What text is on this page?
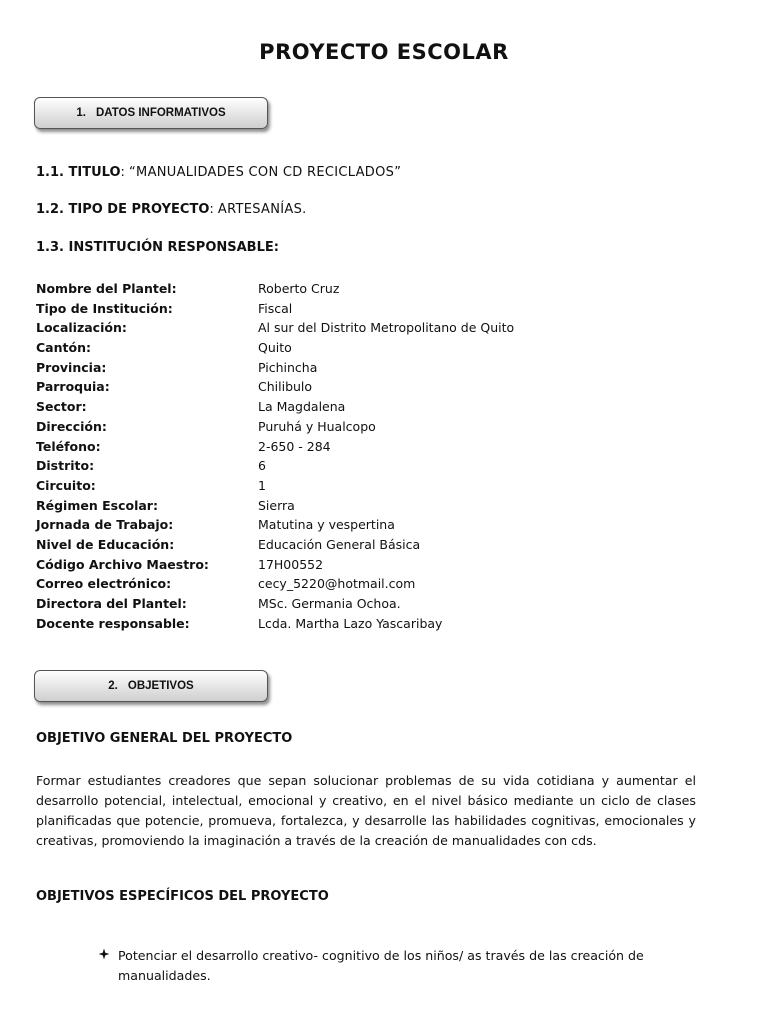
PROYECTO ESCOLAR
1. DATOS INFORMATIVOS
1.1. TITULO: “MANUALIDADES CON CD RECICLADOS”
1.2. TIPO DE PROYECTO: ARTESANÍAS.
1.3. INSTITUCIÓN RESPONSABLE:
Nombre del Plantel:	Roberto Cruz
Tipo de Institución:	Fiscal
Localización:	Al sur del Distrito Metropolitano de Quito
Cantón:	Quito
Provincia:	Pichincha
Parroquia:	Chilibulo
Sector:	La Magdalena
Dirección:	Puruhá y Hualcopo
Teléfono:	2-650 - 284
Distrito:	6
Circuito:	1
Régimen Escolar:	Sierra
Jornada de Trabajo:	Matutina y vespertina
Nivel de Educación:	Educación General Básica
Código Archivo Maestro:	17H00552
Correo electrónico:	cecy_5220@hotmail.com
Directora del Plantel:	MSc. Germania Ochoa.
Docente responsable:	Lcda. Martha Lazo Yascaribay
2. OBJETIVOS
OBJETIVO GENERAL DEL PROYECTO
Formar estudiantes creadores que sepan solucionar problemas de su vida cotidiana y aumentar el desarrollo potencial, intelectual, emocional y creativo, en el nivel básico mediante un ciclo de clases planificadas que potencie, promueva, fortalezca, y desarrolle las habilidades cognitivas, emocionales y creativas, promoviendo la imaginación a través de la creación de manualidades con cds.
OBJETIVOS ESPECÍFICOS DEL PROYECTO
Potenciar el desarrollo creativo- cognitivo de los niños/ as través de las creación de manualidades.
